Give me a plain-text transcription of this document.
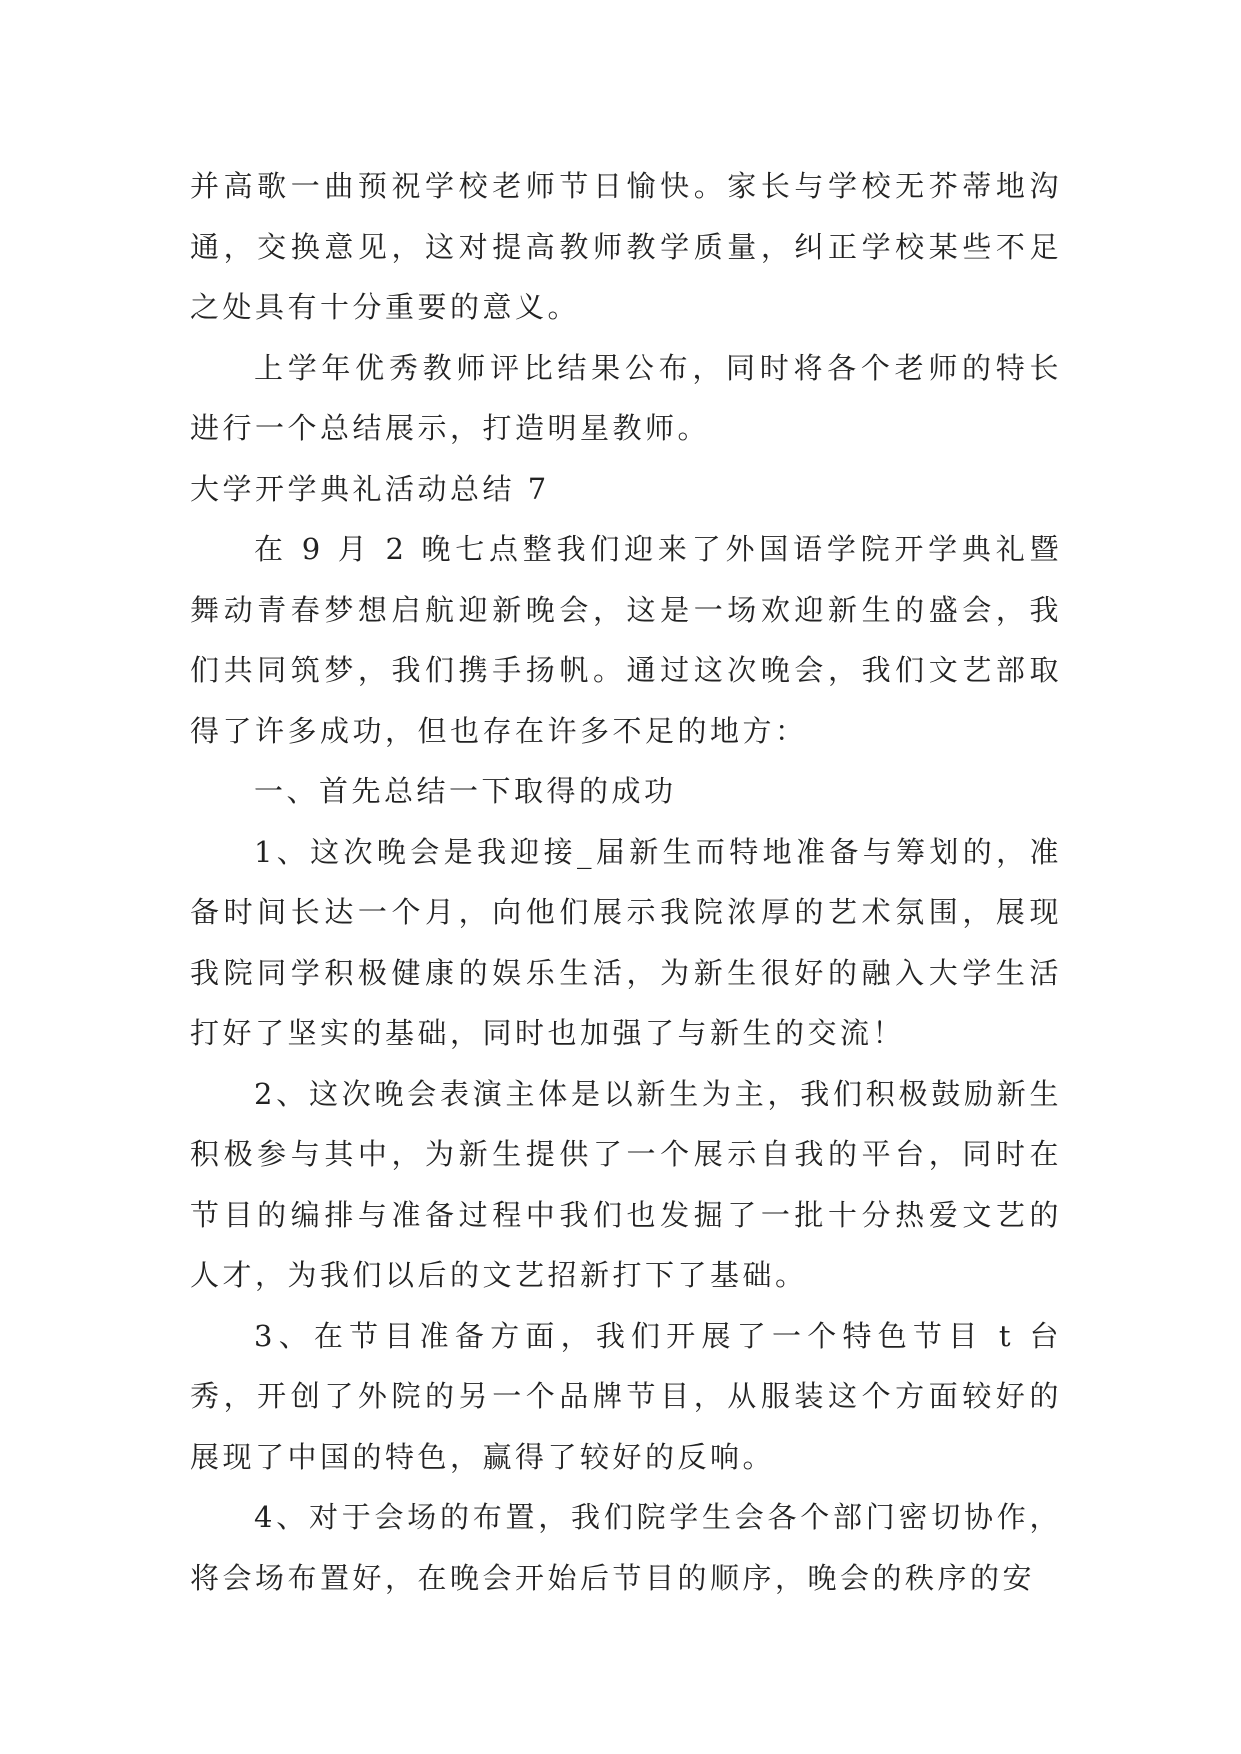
并高歌一曲预祝学校老师节日愉快。家长与学校无芥蒂地沟通，交换意见，这对提高教师教学质量，纠正学校某些不足之处具有十分重要的意义。

上学年优秀教师评比结果公布，同时将各个老师的特长进行一个总结展示，打造明星教师。

大学开学典礼活动总结 7

在 9 月 2 晚七点整我们迎来了外国语学院开学典礼暨舞动青春梦想启航迎新晚会，这是一场欢迎新生的盛会，我们共同筑梦，我们携手扬帆。通过这次晚会，我们文艺部取得了许多成功，但也存在许多不足的地方：

一、首先总结一下取得的成功

1、这次晚会是我迎接_届新生而特地准备与筹划的，准备时间长达一个月，向他们展示我院浓厚的艺术氛围，展现我院同学积极健康的娱乐生活，为新生很好的融入大学生活打好了坚实的基础，同时也加强了与新生的交流！

2、这次晚会表演主体是以新生为主，我们积极鼓励新生积极参与其中，为新生提供了一个展示自我的平台，同时在节目的编排与准备过程中我们也发掘了一批十分热爱文艺的人才，为我们以后的文艺招新打下了基础。

3、在节目准备方面，我们开展了一个特色节目 t 台秀，开创了外院的另一个品牌节目，从服装这个方面较好的展现了中国的特色，赢得了较好的反响。

4、对于会场的布置，我们院学生会各个部门密切协作，将会场布置好，在晚会开始后节目的顺序，晚会的秩序的安
